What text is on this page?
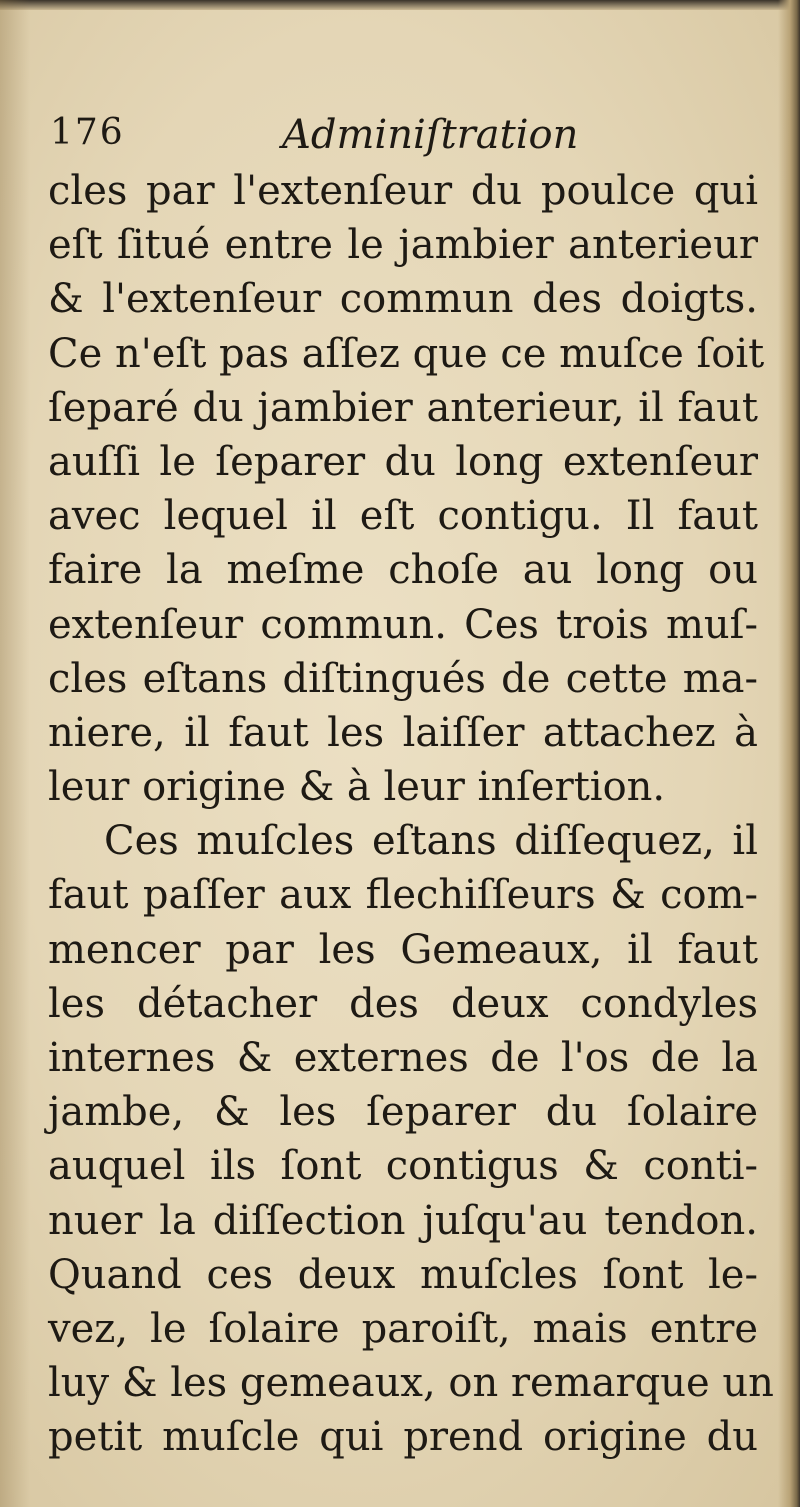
176	Adminiſtration
cles par l'extenſeur du poulce qui
eſt ſitué entre le jambier anterieur
& l'extenſeur commun des doigts.
Ce n'eſt pas aſſez que ce muſce ſoit
ſeparé du jambier anterieur, il faut
auſſi le ſeparer du long extenſeur
avec lequel il eſt contigu. Il faut
faire la meſme choſe au long ou
extenſeur commun. Ces trois muſ-
cles eſtans diſtingués de cette ma-
niere, il faut les laiſſer attachez à
leur origine & à leur inſertion.
Ces muſcles eſtans diſſequez, il
faut paſſer aux flechiſſeurs & com-
mencer par les Gemeaux, il faut
les détacher des deux condyles
internes & externes de l'os de la
jambe, & les ſeparer du ſolaire
auquel ils ſont contigus & conti-
nuer la diſſection juſqu'au tendon.
Quand ces deux muſcles ſont le-
vez, le ſolaire paroiſt, mais entre
luy & les gemeaux, on remarque un
petit muſcle qui prend origine du
